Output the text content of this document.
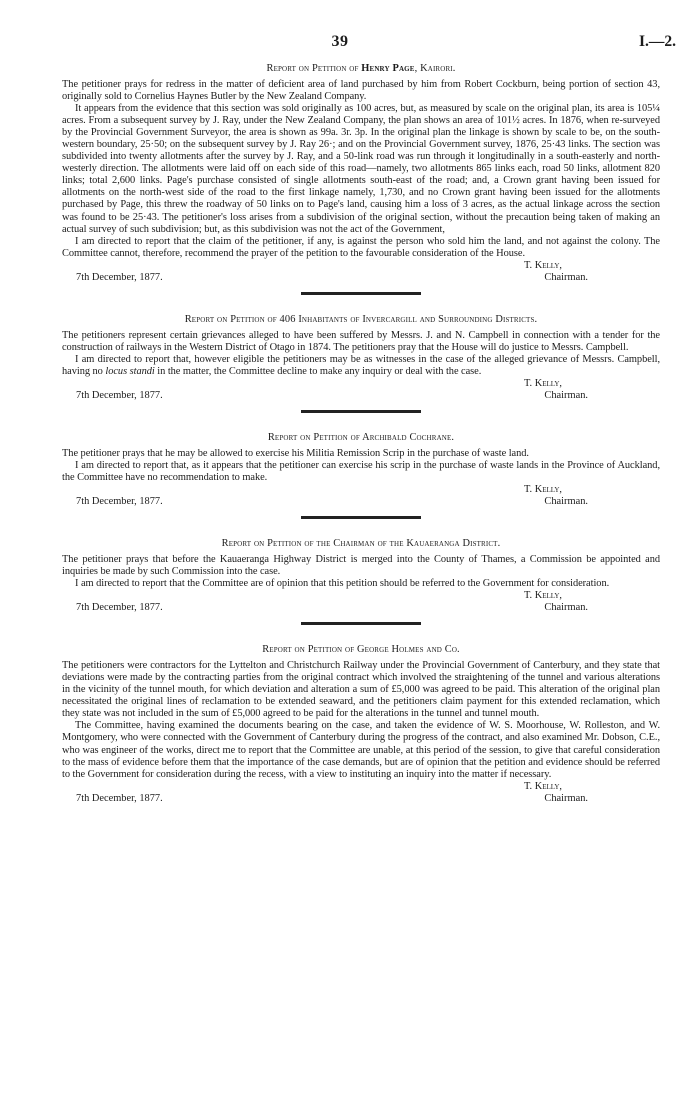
39	I.—2.
Report on Petition of Henry Page, Kairori.

The petitioner prays for redress in the matter of deficient area of land purchased by him from Robert Cockburn, being portion of section 43, originally sold to Cornelius Haynes Butler by the New Zealand Company.

It appears from the evidence that this section was sold originally as 100 acres, but, as measured by scale on the original plan, its area is 105¼ acres. From a subsequent survey by J. Ray, under the New Zealand Company, the plan shows an area of 101½ acres. In 1876, when re-surveyed by the Provincial Government Surveyor, the area is shown as 99a. 3r. 3p. In the original plan the linkage is shown by scale to be, on the south-western boundary, 25·50; on the subsequent survey by J. Ray 26·; and on the Provincial Government survey, 1876, 25·43 links. The section was subdivided into twenty allotments after the survey by J. Ray, and a 50-link road was run through it longitudinally in a south-easterly and north-westerly direction. The allotments were laid off on each side of this road—namely, two allotments 865 links each, road 50 links, allotment 820 links; total 2,600 links. Page's purchase consisted of single allotments south-east of the road; and, a Crown grant having been issued for allotments on the north-west side of the road to the first linkage namely, 1,730, and no Crown grant having been issued for the allotments purchased by Page, this threw the roadway of 50 links on to Page's land, causing him a loss of 3 acres, as the actual linkage across the section was found to be 25·43. The petitioner's loss arises from a subdivision of the original section, without the precaution being taken of making an actual survey of such subdivision; but, as this subdivision was not the act of the Government,

I am directed to report that the claim of the petitioner, if any, is against the person who sold him the land, and not against the colony. The Committee cannot, therefore, recommend the prayer of the petition to the favourable consideration of the House.

T. Kelly,
7th December, 1877.	Chairman.
Report on Petition of 406 Inhabitants of Invercargill and Surrounding Districts.

The petitioners represent certain grievances alleged to have been suffered by Messrs. J. and N. Campbell in connection with a tender for the construction of railways in the Western District of Otago in 1874. The petitioners pray that the House will do justice to Messrs. Campbell.

I am directed to report that, however eligible the petitioners may be as witnesses in the case of the alleged grievance of Messrs. Campbell, having no locus standi in the matter, the Committee decline to make any inquiry or deal with the case.

T. Kelly,
7th December, 1877.	Chairman.
Report on Petition of Archibald Cochrane.

The petitioner prays that he may be allowed to exercise his Militia Remission Scrip in the purchase of waste land.

I am directed to report that, as it appears that the petitioner can exercise his scrip in the purchase of waste lands in the Province of Auckland, the Committee have no recommendation to make.

T. Kelly,
7th December, 1877.	Chairman.
Report on Petition of the Chairman of the Kauaeranga District.

The petitioner prays that before the Kauaeranga Highway District is merged into the County of Thames, a Commission be appointed and inquiries be made by such Commission into the case.

I am directed to report that the Committee are of opinion that this petition should be referred to the Government for consideration.

T. Kelly,
7th December, 1877.	Chairman.
Report on Petition of George Holmes and Co.

The petitioners were contractors for the Lyttelton and Christchurch Railway under the Provincial Government of Canterbury, and they state that deviations were made by the contracting parties from the original contract which involved the straightening of the tunnel and various alterations in the vicinity of the tunnel mouth, for which deviation and alteration a sum of £5,000 was agreed to be paid. This alteration of the original plan necessitated the original lines of reclamation to be extended seaward, and the petitioners claim payment for this extended reclamation, which they state was not included in the sum of £5,000 agreed to be paid for the alterations in the tunnel and tunnel mouth.

The Committee, having examined the documents bearing on the case, and taken the evidence of W. S. Moorhouse, W. Rolleston, and W. Montgomery, who were connected with the Government of Canterbury during the progress of the contract, and also examined Mr. Dobson, C.E., who was engineer of the works, direct me to report that the Committee are unable, at this period of the session, to give that careful consideration to the mass of evidence before them that the importance of the case demands, but are of opinion that the petition and evidence should be referred to the Government for consideration during the recess, with a view to instituting an inquiry into the matter if necessary.

T. Kelly,
7th December, 1877.	Chairman.
